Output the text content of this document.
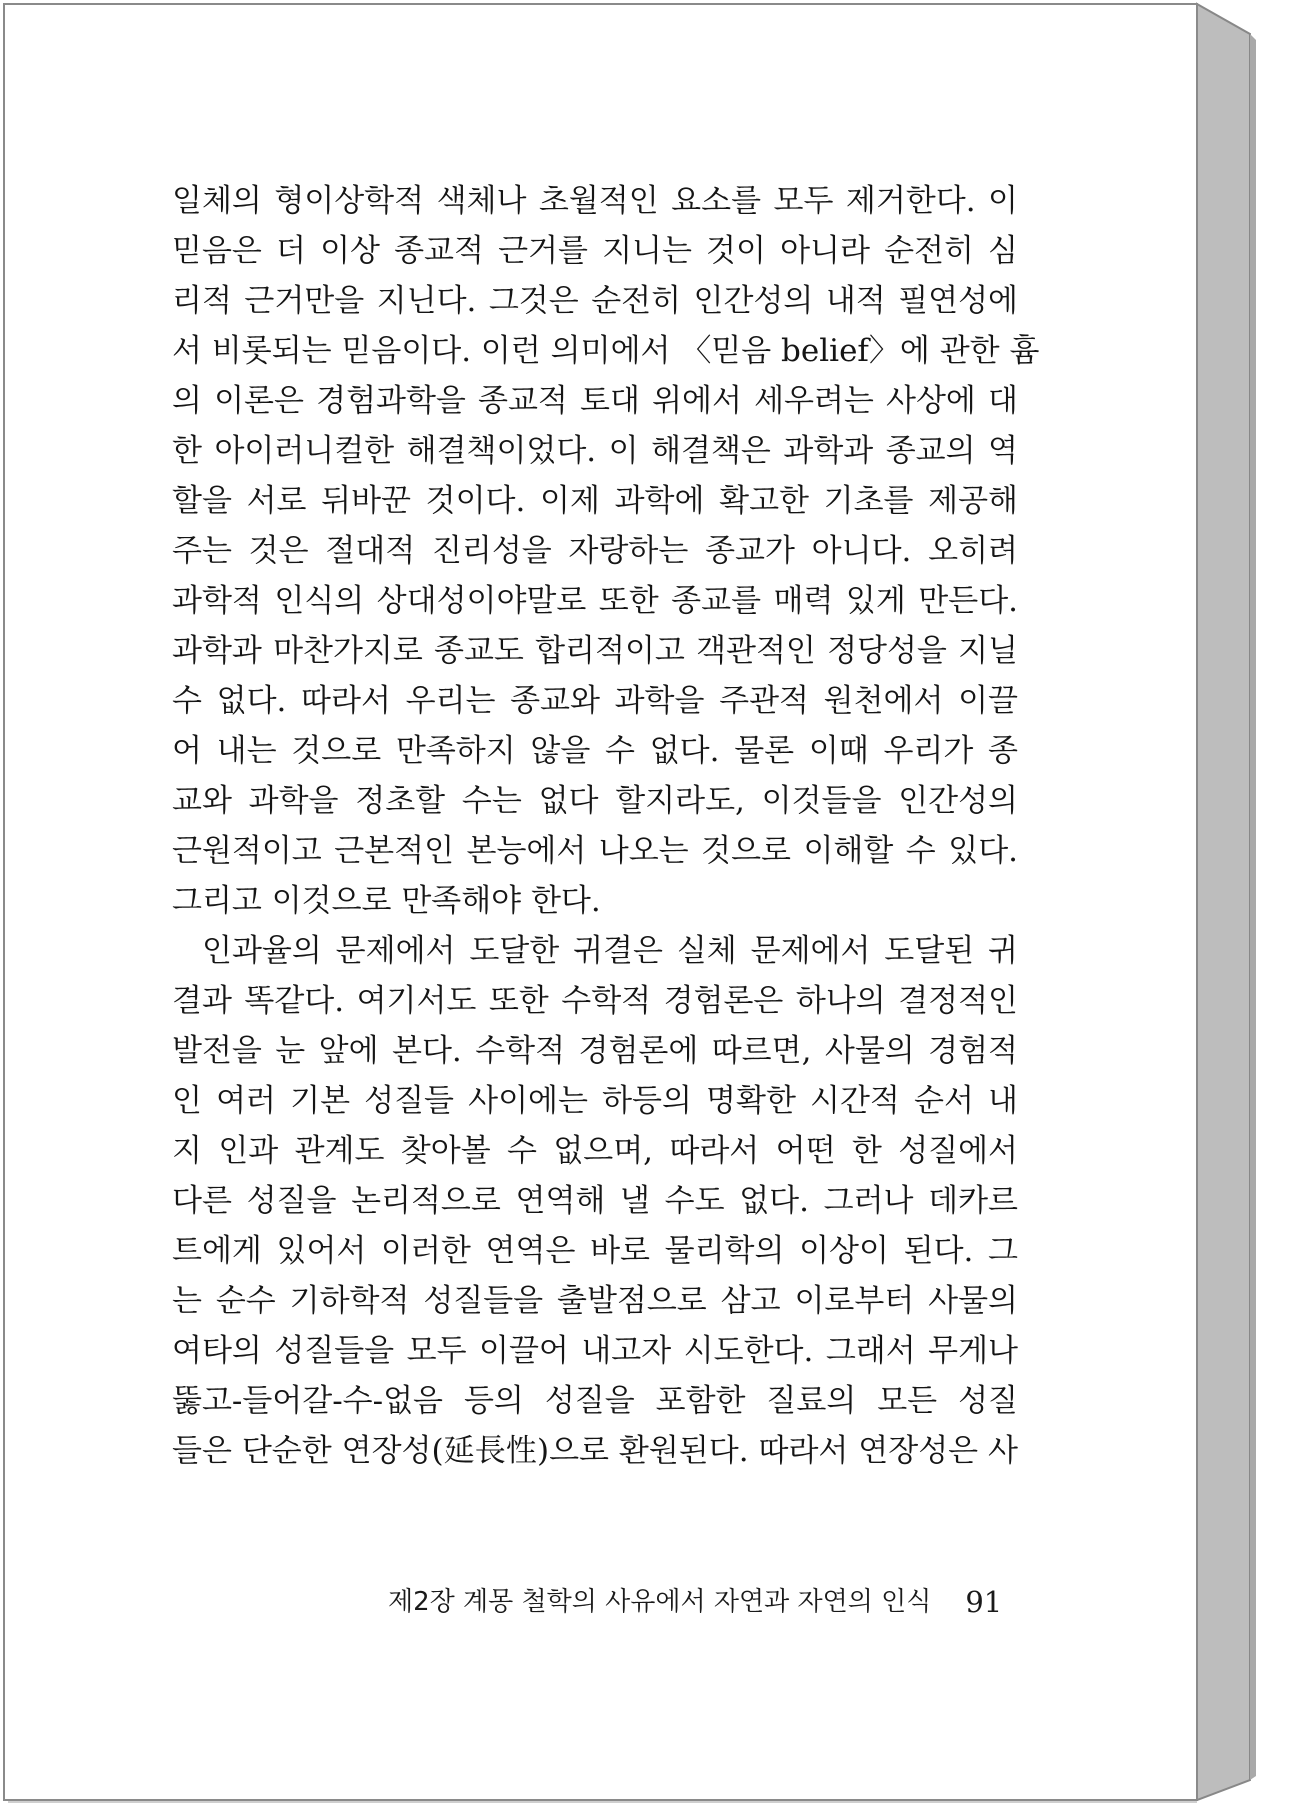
일체의 형이상학적 색체나 초월적인 요소를 모두 제거한다. 이
믿음은 더 이상 종교적 근거를 지니는 것이 아니라 순전히 심
리적 근거만을 지닌다. 그것은 순전히 인간성의 내적 필연성에
서 비롯되는 믿음이다. 이런 의미에서 〈믿음 belief〉에 관한 흄
의 이론은 경험과학을 종교적 토대 위에서 세우려는 사상에 대
한 아이러니컬한 해결책이었다. 이 해결책은 과학과 종교의 역
할을 서로 뒤바꾼 것이다. 이제 과학에 확고한 기초를 제공해
주는 것은 절대적 진리성을 자랑하는 종교가 아니다. 오히려
과학적 인식의 상대성이야말로 또한 종교를 매력 있게 만든다.
과학과 마찬가지로 종교도 합리적이고 객관적인 정당성을 지닐
수 없다. 따라서 우리는 종교와 과학을 주관적 원천에서 이끌
어 내는 것으로 만족하지 않을 수 없다. 물론 이때 우리가 종
교와 과학을 정초할 수는 없다 할지라도, 이것들을 인간성의
근원적이고 근본적인 본능에서 나오는 것으로 이해할 수 있다.
그리고 이것으로 만족해야 한다.
인과율의 문제에서 도달한 귀결은 실체 문제에서 도달된 귀
결과 똑같다. 여기서도 또한 수학적 경험론은 하나의 결정적인
발전을 눈 앞에 본다. 수학적 경험론에 따르면, 사물의 경험적
인 여러 기본 성질들 사이에는 하등의 명확한 시간적 순서 내
지 인과 관계도 찾아볼 수 없으며, 따라서 어떤 한 성질에서
다른 성질을 논리적으로 연역해 낼 수도 없다. 그러나 데카르
트에게 있어서 이러한 연역은 바로 물리학의 이상이 된다. 그
는 순수 기하학적 성질들을 출발점으로 삼고 이로부터 사물의
여타의 성질들을 모두 이끌어 내고자 시도한다. 그래서 무게나
뚫고-들어갈-수-없음 등의 성질을 포함한 질료의 모든 성질
들은 단순한 연장성(延長性)으로 환원된다. 따라서 연장성은 사
제2장 계몽 철학의 사유에서 자연과 자연의 인식 91
